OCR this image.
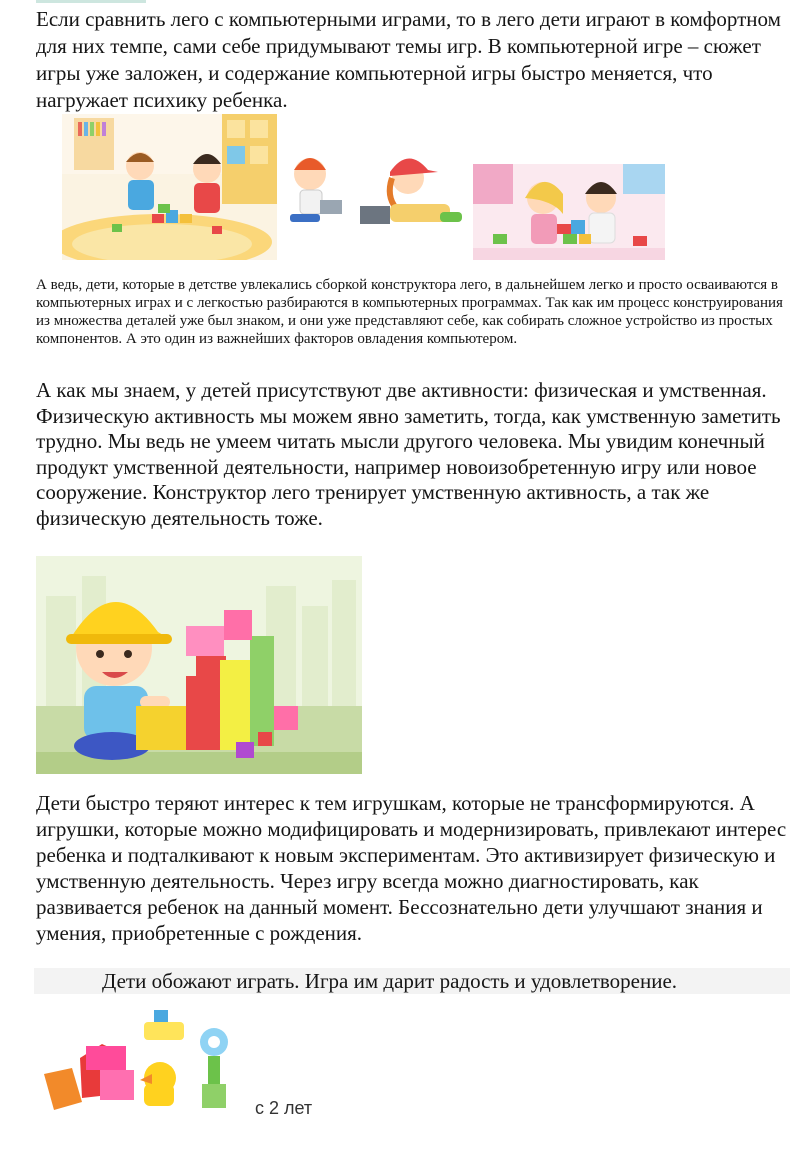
Если сравнить лего с компьютерными играми, то в лего дети играют в комфортном для них темпе, сами себе придумывают темы игр. В компьютерной игре – сюжет игры уже заложен, и содержание компьютерной игры быстро меняется, что нагружает психику ребенка.

А ведь, дети, которые в детстве увлекались сборкой конструктора лего, в дальнейшем легко и просто осваиваются в компьютерных играх и с легкостью разбираются в компьютерных программах. Так как им процесс конструирования из множества деталей уже был знаком, и они уже представляют себе, как собирать сложное устройство из простых компонентов. А это один из важнейших факторов овладения компьютером.

А как мы знаем, у детей присутствуют две активности: физическая и умственная.
Физическую активность мы можем явно заметить, тогда, как умственную заметить трудно. Мы ведь не умеем читать мысли другого человека. Мы увидим конечный продукт умственной деятельности, например новоизобретенную игру или новое сооружение. Конструктор лего тренирует умственную активность, а так же физическую деятельность тоже.

Дети быстро теряют интерес к тем игрушкам, которые не трансформируются. А игрушки, которые можно модифицировать и модернизировать, привлекают интерес ребенка и подталкивают к новым экспериментам. Это активизирует физическую и умственную деятельность. Через игру всегда можно диагностировать, как развивается ребенок на данный момент. Бессознательно дети улучшают знания и умения, приобретенные с рождения.

Дети обожают играть. Игра им дарит радость и удовлетворение.

с 2 лет
